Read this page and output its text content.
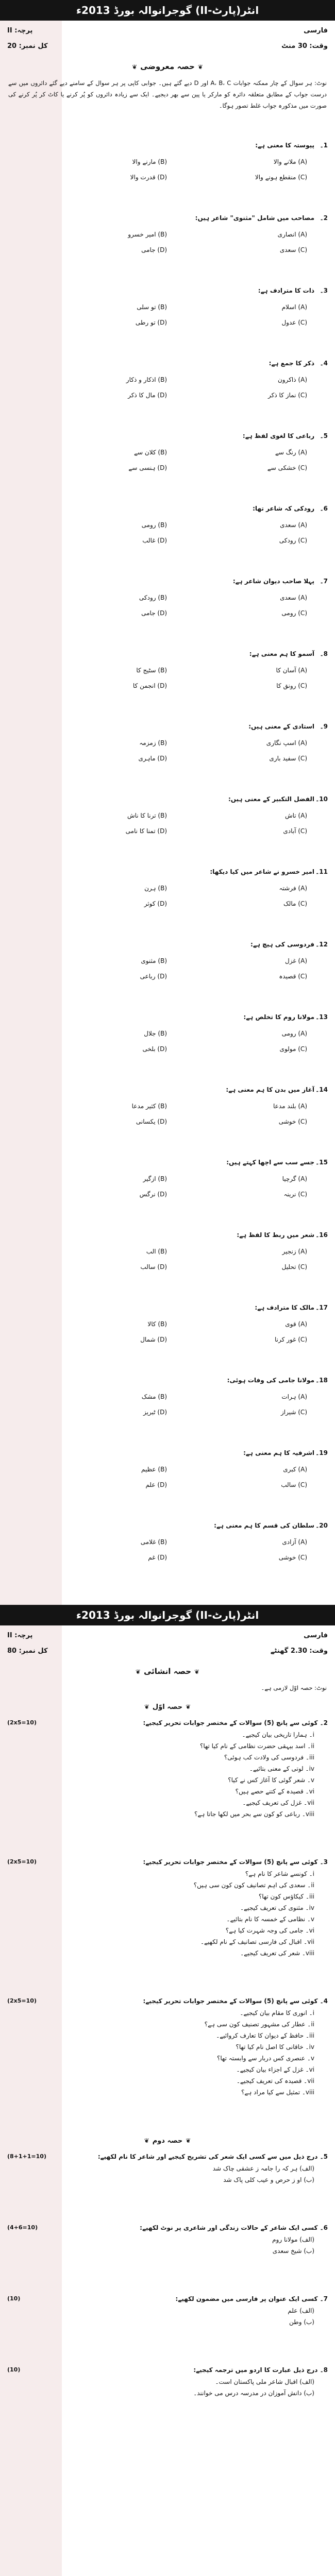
انٹر(پارٹ-II) گوجرانوالہ بورڈ 2013ء
فارسی
پرچہ: II
وقت: 30 منٹ
کل نمبر: 20
❦ حصہ معروضی ❦
نوٹ: ہر سوال کے چار ممکنہ جوابات A، B، C اور D دیے گئے ہیں۔ جوابی کاپی پر ہر سوال کے سامنے دیے گئے دائروں میں سے درست جواب کے مطابق متعلقہ دائرہ کو مارکر یا پین سے بھر دیجیے۔ ایک سے زیادہ دائروں کو پُر کرنے یا کاٹ کر پُر کرنے کی صورت میں مذکورہ جواب غلط تصور ہوگا۔
1۔
پیوستہ کا معنی ہے:
(A) ملانے والا
(B) مارنے والا
(C) منقطع ہونے والا
(D) قدرت والا
2۔
مصاحب میں شامل "مثنوی" شاعر ہیں:
(A) انصاری
(B) امیر خسرو
(C) سعدی
(D) جامی
3۔
ذات کا مترادف ہے:
(A) اسلام
(B) تو سلی
(C) عدول
(D) تو رطی
4۔
ذکر کا جمع ہے:
(A) ذاکرون
(B) اذکار و ذکار
(C) نماز کا ذکر
(D) مال کا ذکر
5۔
رباعی کا لغوی لفظ ہے:
(A) رنگ سے
(B) کلان سے
(C) خشکی سے
(D) ہنسی سے
6۔
رودکی کہ شاعر تھا:
(A) سعدی
(B) رومی
(C) رودکی
(D) غالب
7۔
پہلا صاحب دیوان شاعر ہے:
(A) سعدی
(B) رودکی
(C) رومی
(D) جامی
8۔
آسمو کا ہم معنی ہے:
(A) آسان کا
(B) سٹیج کا
(C) رونق کا
(D) انجمن کا
9۔
استادی کے معنی ہیں:
(A) اسپ نگاری
(B) زمزمہ
(C) سفید باری
(D) ماہری
10۔
الفضل التکبیر کے معنی ہیں:
(A) تاش
(B) ترنا کا ناش
(C) آبادی
(D) تمنا کا نامی
11۔
امیر خسرو نے شاعر میں کیا دیکھا:
(A) فرشتہ
(B) ہرن
(C) مالک
(D) کوثر
12۔
فردوسی کی ہیچ ہے:
(A) غزل
(B) مثنوی
(C) قصیدہ
(D) رباعی
13۔
مولانا روم کا تخلص ہے:
(A) رومی
(B) جلال
(C) مولوی
(D) بلخی
14۔
آغاز میں بدن کا ہم معنی ہے:
(A) بلند مدعا
(B) کثیر مدعا
(C) خوشی
(D) یکسانی
15۔
جسے سب سے اچھا کہتے ہیں:
(A) گرچیا
(B) ازگیر
(C) نرینہ
(D) نرگس
16۔
شعر میں ربط کا لفظ ہے:
(A) زنجیر
(B) الب
(C) تحلیل
(D) سالب
17۔
مالک کا مترادف ہے:
(A) قوی
(B) کالا
(C) غور کرنا
(D) شمال
18۔
مولانا جامی کی وفات ہوئی:
(A) ہرات
(B) مشک
(C) شیراز
(D) ٹبریز
19۔
اشرفیہ کا ہم معنی ہے:
(A) کبری
(B) عظیم
(C) سالب
(D) علم
20۔
سلطان کی قسم کا ہم معنی ہے:
(A) آزادی
(B) غلامی
(C) خوشی
(D) غم
انٹر(پارٹ-II) گوجرانوالہ بورڈ 2013ء
فارسی
پرچہ: II
وقت: 2.30 گھنٹے
کل نمبر: 80
❦ حصہ انشائی ❦
نوٹ: حصہ اوّل لازمی ہے۔
❦ حصہ اوّل ❦
2۔ کوئی سے پانچ (5) سوالات کے مختصر جوابات تحریر کیجیے:
(2x5=10)
i۔ ہمارا تاریخی بیان کیجیے۔
ii۔ اسد بیہقی حضرت نظامی کے نام کیا تھا؟
iii۔ فردوسی کی ولادت کب ہوئی؟
iv۔ لوتی کے معنی بتائیے۔
v۔ شعر گوئی کا آغاز کس نے کیا؟
vi۔ قصیدہ کے کتنے حصے ہیں؟
vii۔ غزل کی تعریف کیجیے۔
viii۔ رباعی کو کون سے بحر میں لکھا جاتا ہے؟
3۔ کوئی سے پانچ (5) سوالات کے مختصر جوابات تحریر کیجیے:
(2x5=10)
i۔ کونسے شاعر کا نام ہے؟
ii۔ سعدی کی اہم تصانیف کون کون سی ہیں؟
iii۔ کیکاؤس کون تھا؟
iv۔ مثنوی کی تعریف کیجیے۔
v۔ نظامی کے خمسہ کا نام بتائیے۔
vi۔ جامی کی وجہ شہرت کیا ہے؟
vii۔ اقبال کی فارسی تصانیف کے نام لکھیے۔
viii۔ شعر کی تعریف کیجیے۔
4۔ کوئی سے پانچ (5) سوالات کے مختصر جوابات تحریر کیجیے:
(2x5=10)
i۔ انوری کا مقام بیان کیجیے۔
ii۔ عطار کی مشہور تصنیف کون سی ہے؟
iii۔ حافظ کے دیوان کا تعارف کروائیے۔
iv۔ خاقانی کا اصل نام کیا تھا؟
v۔ عنصری کس دربار سے وابستہ تھا؟
vi۔ غزل کے اجزاء بیان کیجیے۔
vii۔ قصیدہ کی تعریف کیجیے۔
viii۔ تمثیل سے کیا مراد ہے؟
❦ حصہ دوم ❦
5۔ درج ذیل میں سے کسی ایک شعر کی تشریح کیجیے اور شاعر کا نام لکھیے:
(8+1+1=10)
(الف) ہر کہ را جامہ ز عشقی چاک شد
(ب) او ز حرص و عیب کلی پاک شد
6۔ کسی ایک شاعر کے حالات زندگی اور شاعری پر نوٹ لکھیے:
(4+6=10)
(الف) مولانا روم
(ب) شیخ سعدی
7۔ کسی ایک عنوان پر فارسی میں مضمون لکھیے:
(10)
(الف) علم
(ب) وطن
8۔ درج ذیل عبارت کا اردو میں ترجمہ کیجیے:
(10)
(الف) اقبال شاعر ملی پاکستان است۔
(ب) دانش آموزان در مدرسہ درس می خوانند۔
